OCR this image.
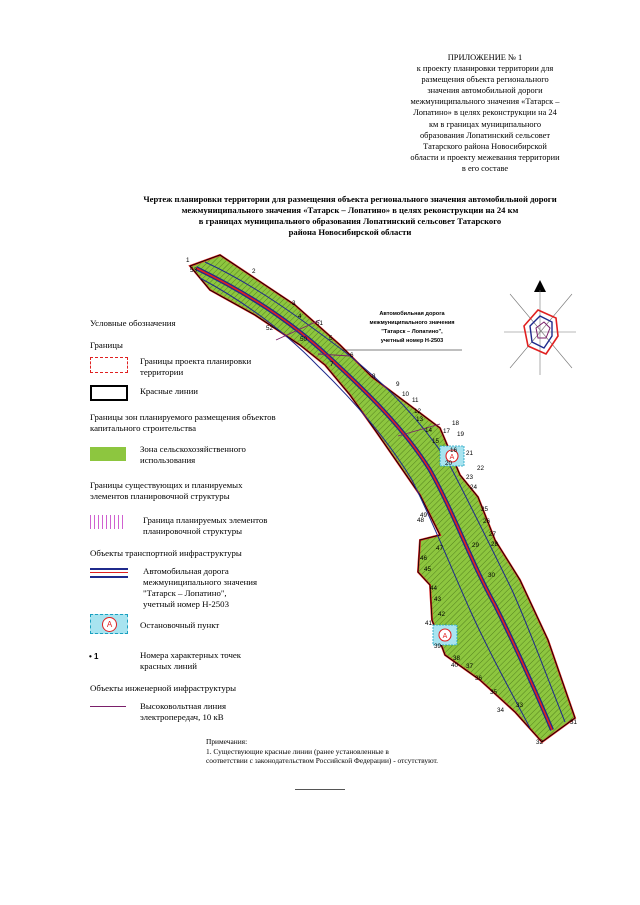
ПРИЛОЖЕНИЕ № 1
к проекту планировки территории для
размещения объекта регионального
значения автомобильной дороги
межмуниципального значения «Татарск –
Лопатино» в целях реконструкции на 24
км в границах муниципального
образования Лопатинский сельсовет
Татарского района Новосибирской
области и проекту межевания территории
в его составе
Чертеж планировки территории для размещения объекта регионального значения автомобильной дороги
межмуниципального значения «Татарск – Лопатино» в целях реконструкции на 24 км
в границах муниципального образования Лопатинский сельсовет Татарского
района Новосибирской области
А
А
Автомобильная дорога
межмуниципального значения
"Татарск – Лопатино",
учетный номер Н-2503
1
2
3
4
5
6
7
8
9
10
11
12
13
14
15
16
17
18
19
20
21
22
23
24
25
26
27
28
29
30
31
32
33
34
35
36
37
38
39
40
41
42
43
44
45
46
47
48
49
50
51
52
53
Условные обозначения
Границы
Границы проекта планировки
территории
Красные линии
Границы зон планируемого размещения объектов
капитального строительства
Зона сельскохозяйственного
использования
Границы существующих и планируемых
элементов планировочной структуры
Граница планируемых элементов
планировочной структуры
Объекты транспортной инфраструктуры
Автомобильная дорога
межмуниципального значения
"Татарск – Лопатино",
учетный номер Н-2503
А	Остановочный пункт
• 1	Номера характерных точек
красных линий
Объекты инженерной инфраструктуры
Высоковольтная линия
электропередач, 10 кВ
Примечания:
1. Существующие красные линии (ранее установленные в
соответствии с законодательством Российской Федерации) - отсутствуют.
